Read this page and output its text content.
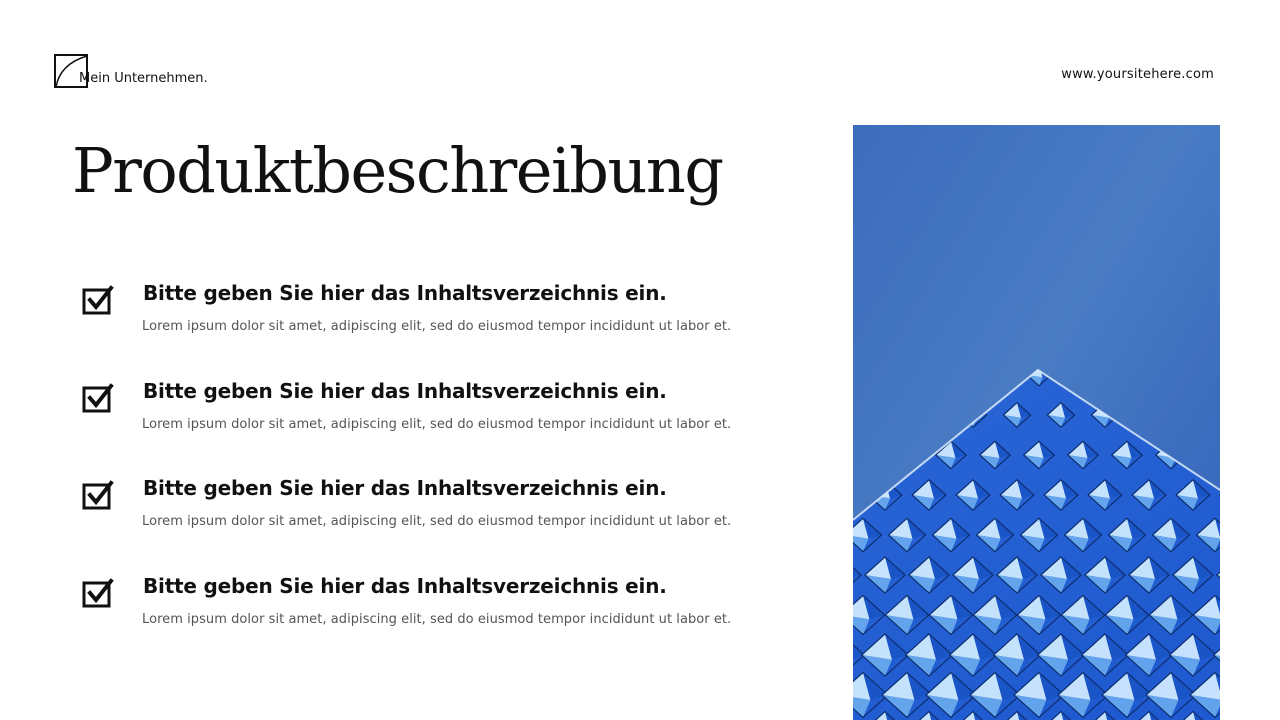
Mein Unternehmen.	www.yoursitehere.com
Produktbeschreibung
Bitte geben Sie hier das Inhaltsverzeichnis ein.
Lorem ipsum dolor sit amet, adipiscing elit, sed do eiusmod tempor incididunt ut labor et.
Bitte geben Sie hier das Inhaltsverzeichnis ein.
Lorem ipsum dolor sit amet, adipiscing elit, sed do eiusmod tempor incididunt ut labor et.
Bitte geben Sie hier das Inhaltsverzeichnis ein.
Lorem ipsum dolor sit amet, adipiscing elit, sed do eiusmod tempor incididunt ut labor et.
Bitte geben Sie hier das Inhaltsverzeichnis ein.
Lorem ipsum dolor sit amet, adipiscing elit, sed do eiusmod tempor incididunt ut labor et.
